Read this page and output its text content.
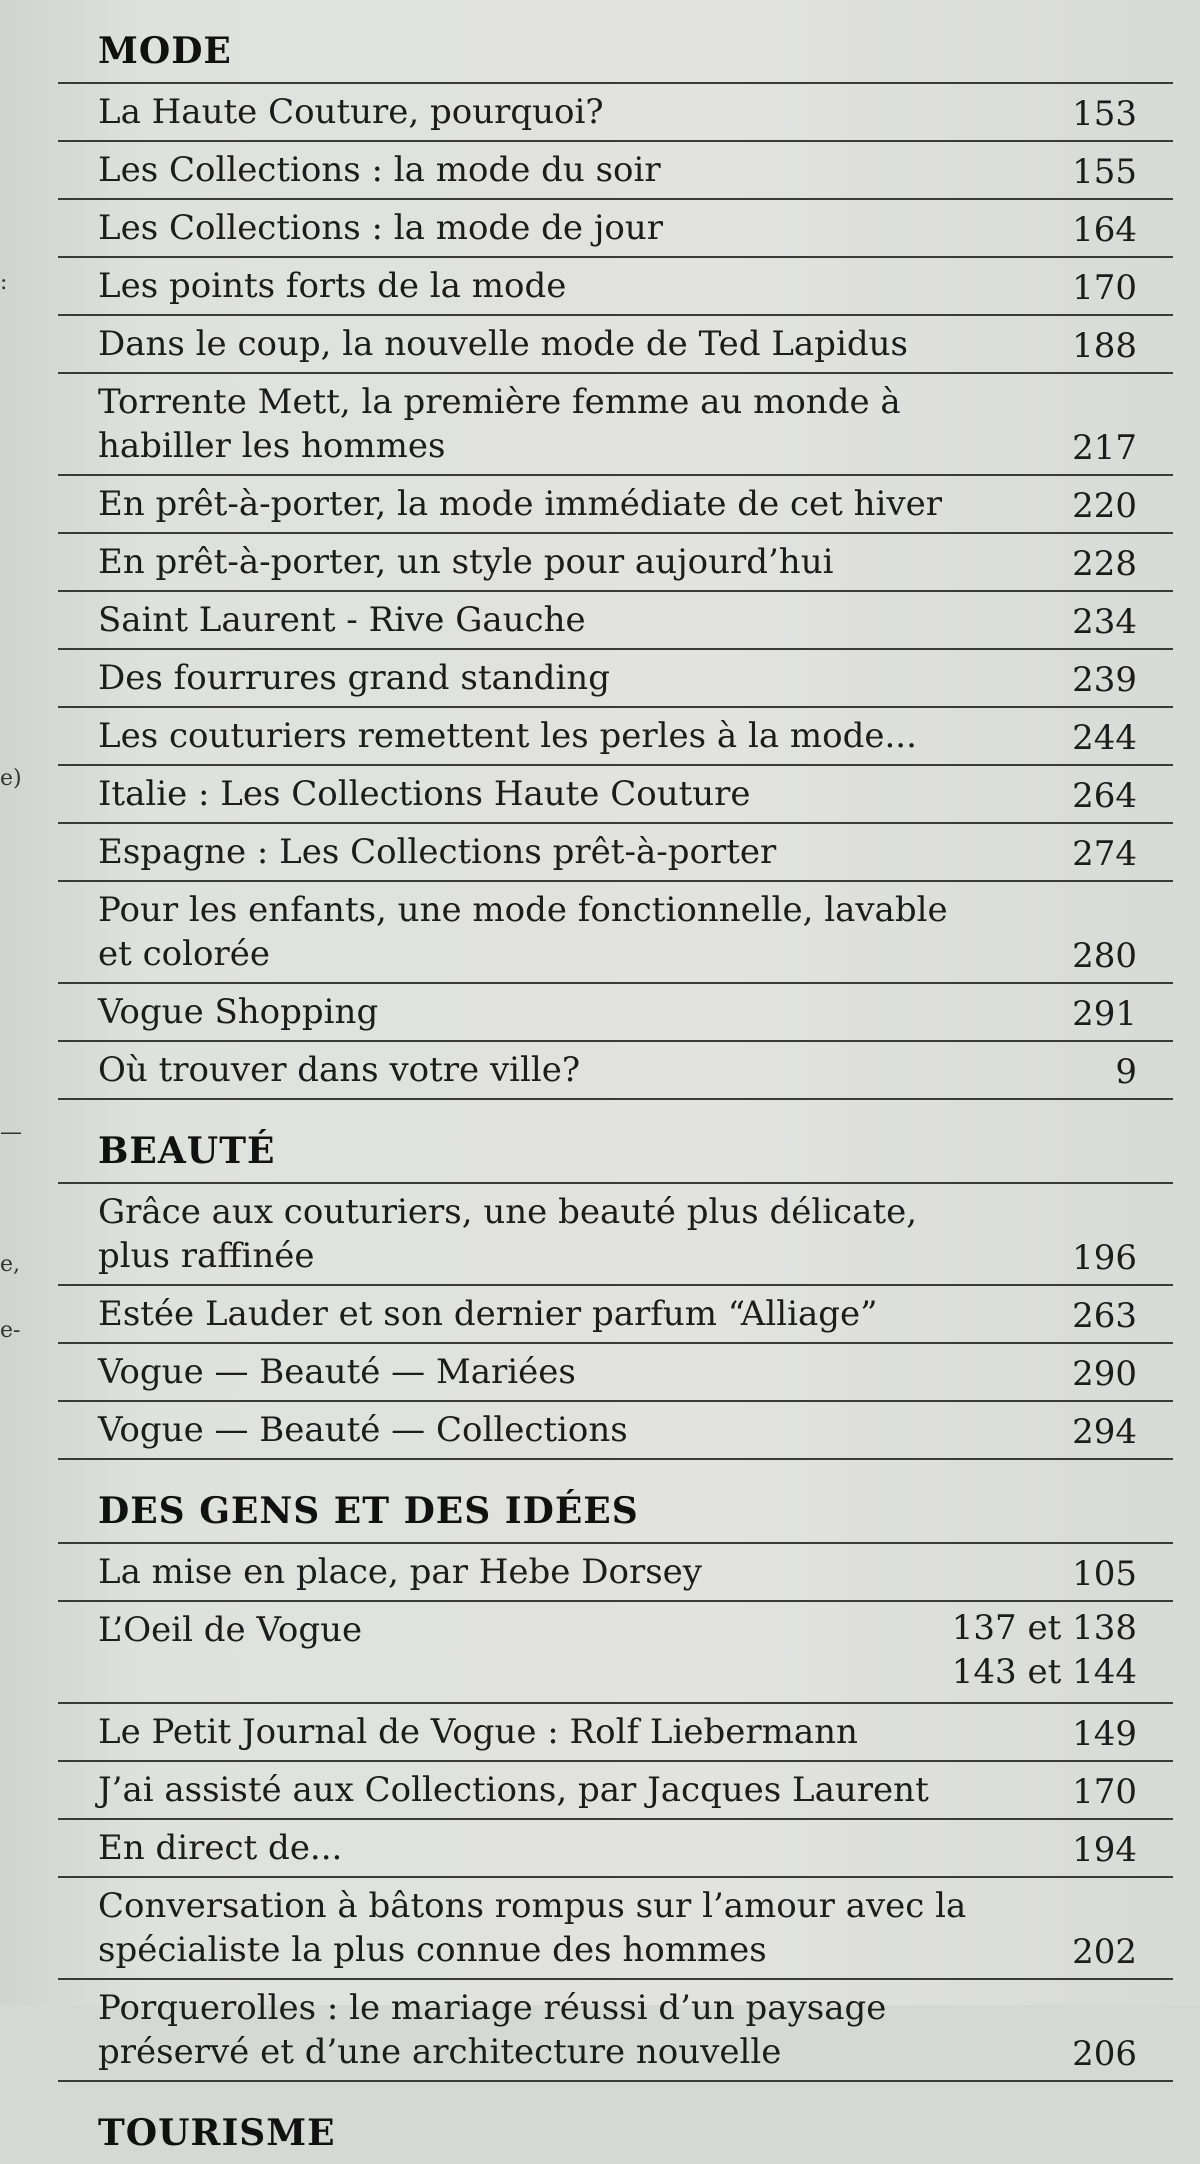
:
e)
—
e,
e-
MODE
La Haute Couture, pourquoi?	153
Les Collections : la mode du soir	155
Les Collections : la mode de jour	164
Les points forts de la mode	170
Dans le coup, la nouvelle mode de Ted Lapidus	188
Torrente Mett, la première femme au monde à habiller les hommes	217
En prêt-à-porter, la mode immédiate de cet hiver	220
En prêt-à-porter, un style pour aujourd’hui	228
Saint Laurent - Rive Gauche	234
Des fourrures grand standing	239
Les couturiers remettent les perles à la mode...	244
Italie : Les Collections Haute Couture	264
Espagne : Les Collections prêt-à-porter	274
Pour les enfants, une mode fonctionnelle, lavable et colorée	280
Vogue Shopping	291
Où trouver dans votre ville?	9
BEAUTÉ
Grâce aux couturiers, une beauté plus délicate, plus raffinée	196
Estée Lauder et son dernier parfum “Alliage”	263
Vogue — Beauté — Mariées	290
Vogue — Beauté — Collections	294
DES GENS ET DES IDÉES
La mise en place, par Hebe Dorsey	105
L’Oeil de Vogue	137 et 138
143 et 144
Le Petit Journal de Vogue : Rolf Liebermann	149
J’ai assisté aux Collections, par Jacques Laurent	170
En direct de...	194
Conversation à bâtons rompus sur l’amour avec la spécialiste la plus connue des hommes	202
Porquerolles : le mariage réussi d’un paysage préservé et d’une architecture nouvelle	206
TOURISME
